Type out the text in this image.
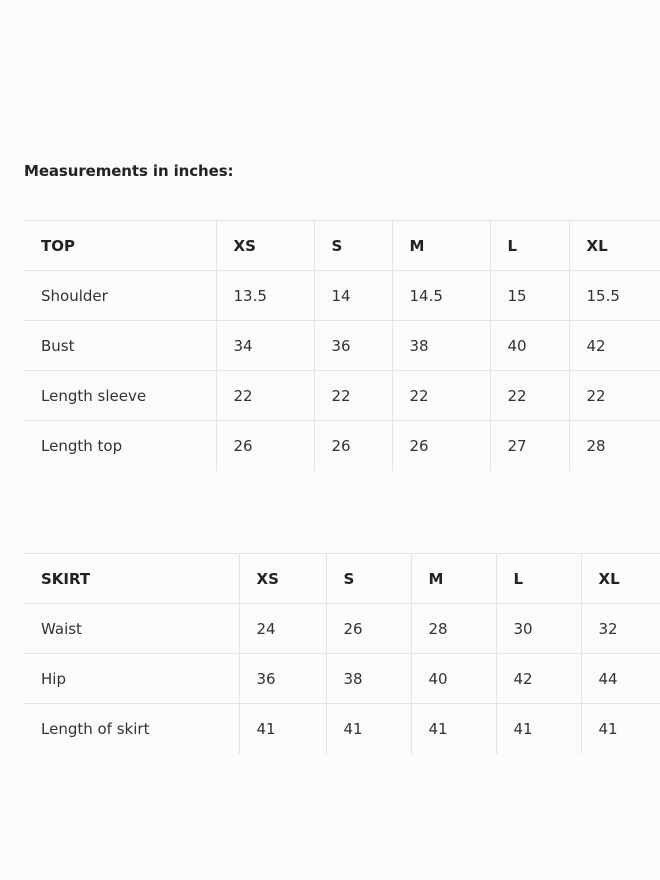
Measurements in inches:
TOP	XS	S	M	L	XL
Shoulder	13.5	14	14.5	15	15.5
Bust	34	36	38	40	42
Length sleeve	22	22	22	22	22
Length top	26	26	26	27	28
SKIRT	XS	S	M	L	XL
Waist	24	26	28	30	32
Hip	36	38	40	42	44
Length of skirt	41	41	41	41	41
